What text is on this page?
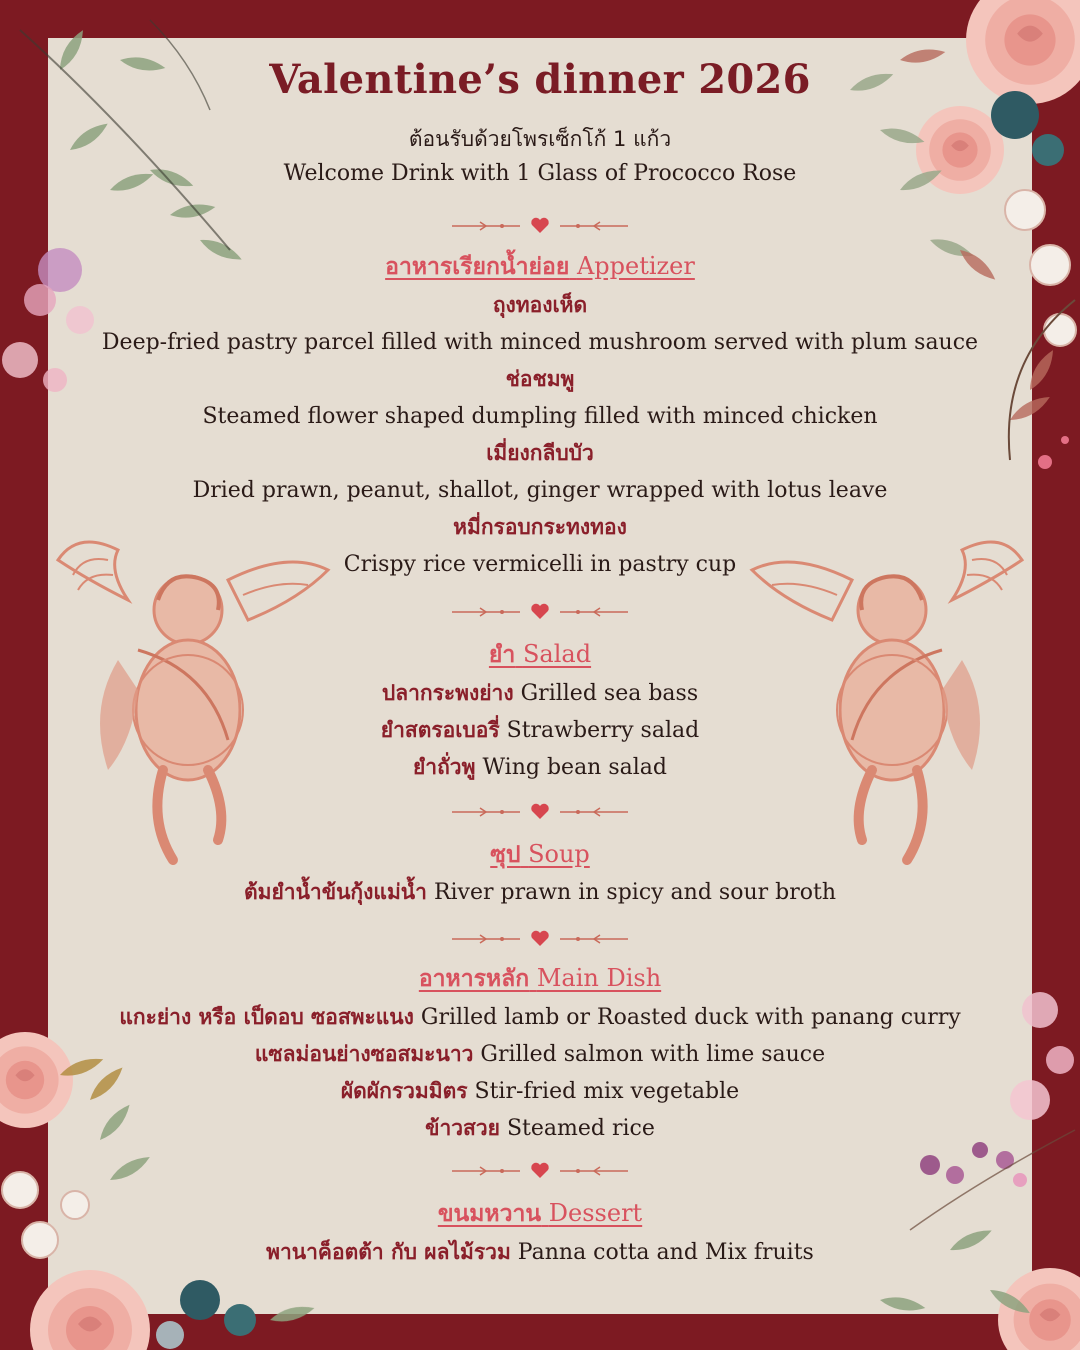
Valentine’s dinner 2026
ต้อนรับด้วยโพรเซ็กโก้ 1 แก้ว
Welcome Drink with 1 Glass of Prococco Rose
อาหารเรียกน้ำย่อย Appetizer
ถุงทองเห็ด
Deep-fried pastry parcel filled with minced mushroom served with plum sauce
ช่อชมพู
Steamed flower shaped dumpling filled with minced chicken
เมี่ยงกลีบบัว
Dried prawn, peanut, shallot, ginger wrapped with lotus leave
หมี่กรอบกระทงทอง
Crispy rice vermicelli in pastry cup
ยำ Salad
ปลากระพงย่าง Grilled sea bass
ยำสตรอเบอรี่ Strawberry salad
ยำถั่วพู Wing bean salad
ซุป Soup
ต้มยำน้ำข้นกุ้งแม่น้ำ River prawn in spicy and sour broth
อาหารหลัก Main Dish
แกะย่าง หรือ เป็ดอบ ซอสพะแนง Grilled lamb or Roasted duck with panang curry
แซลม่อนย่างซอสมะนาว Grilled salmon with lime sauce
ผัดผักรวมมิตร Stir-fried mix vegetable
ข้าวสวย Steamed rice
ขนมหวาน Dessert
พานาค็อตต้า กับ ผลไม้รวม Panna cotta and Mix fruits
